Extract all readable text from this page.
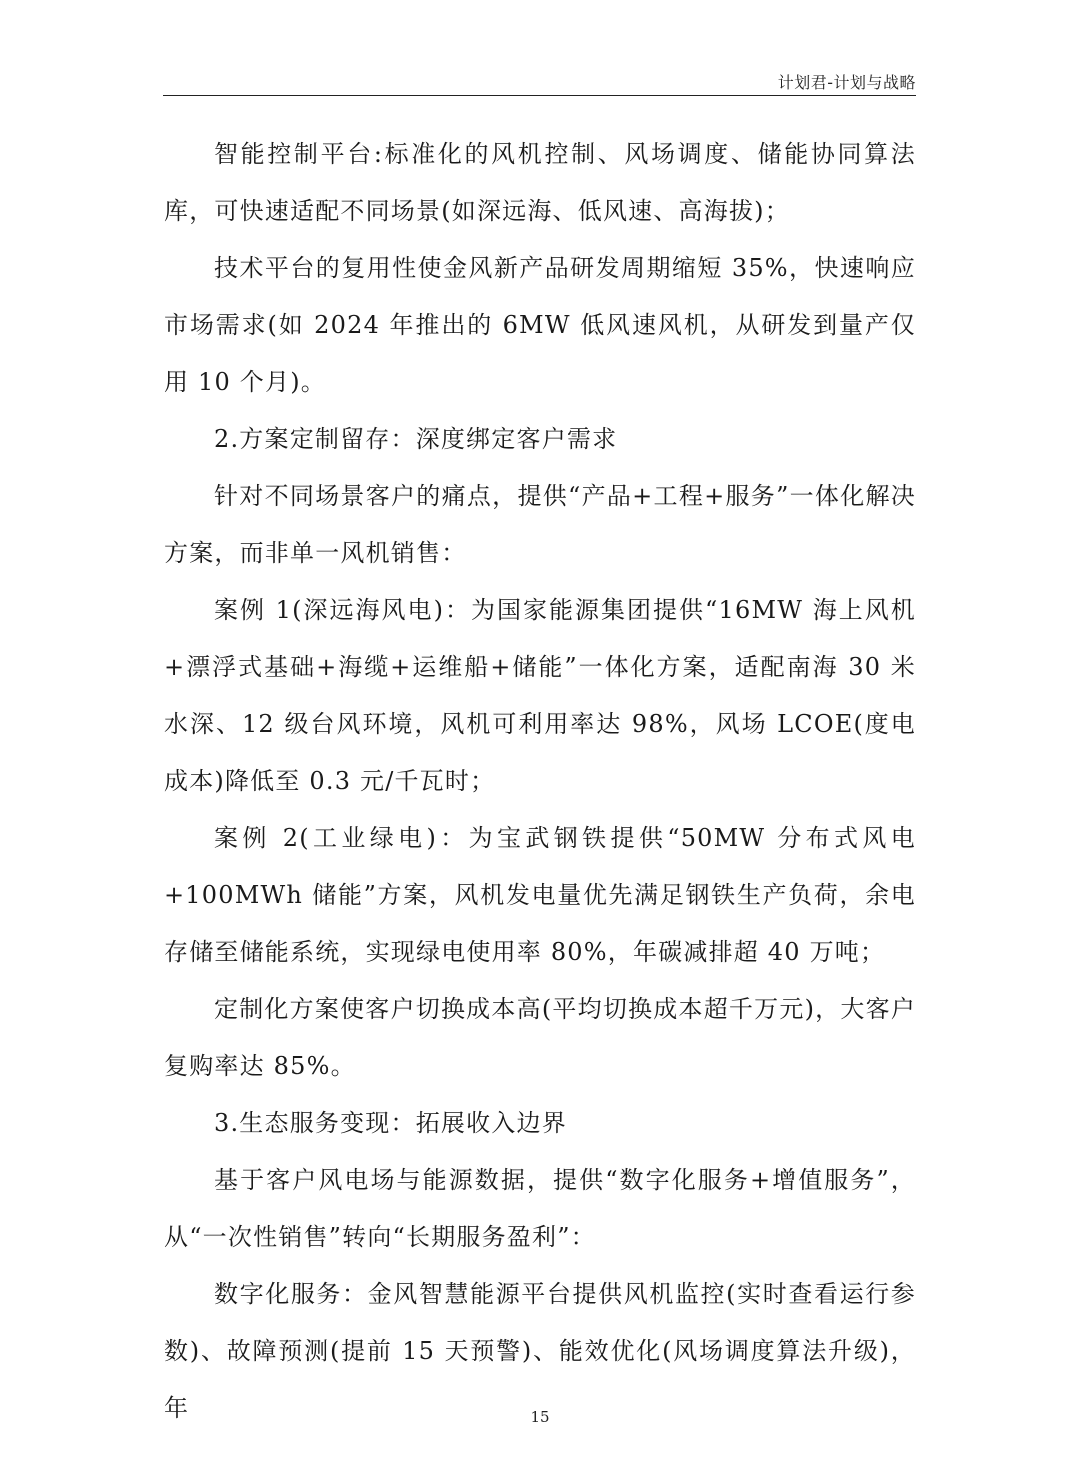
计划君-计划与战略

智能控制平台:标准化的风机控制、风场调度、储能协同算法库，可快速适配不同场景(如深远海、低风速、高海拔)；

技术平台的复用性使金风新产品研发周期缩短 35%，快速响应市场需求(如 2024 年推出的 6MW 低风速风机，从研发到量产仅用 10 个月)。

2.方案定制留存：深度绑定客户需求

针对不同场景客户的痛点，提供“产品+工程+服务”一体化解决方案，而非单一风机销售：

案例 1(深远海风电)：为国家能源集团提供“16MW 海上风机+漂浮式基础+海缆+运维船+储能”一体化方案，适配南海 30 米水深、12 级台风环境，风机可利用率达 98%，风场 LCOE(度电成本)降低至 0.3 元/千瓦时；

案例 2(工业绿电)：为宝武钢铁提供“50MW 分布式风电+100MWh 储能”方案，风机发电量优先满足钢铁生产负荷，余电存储至储能系统，实现绿电使用率 80%，年碳减排超 40 万吨；

定制化方案使客户切换成本高(平均切换成本超千万元)，大客户复购率达 85%。

3.生态服务变现：拓展收入边界

基于客户风电场与能源数据，提供“数字化服务+增值服务”，从“一次性销售”转向“长期服务盈利”：

数字化服务：金风智慧能源平台提供风机监控(实时查看运行参数)、故障预测(提前 15 天预警)、能效优化(风场调度算法升级)，年	15
